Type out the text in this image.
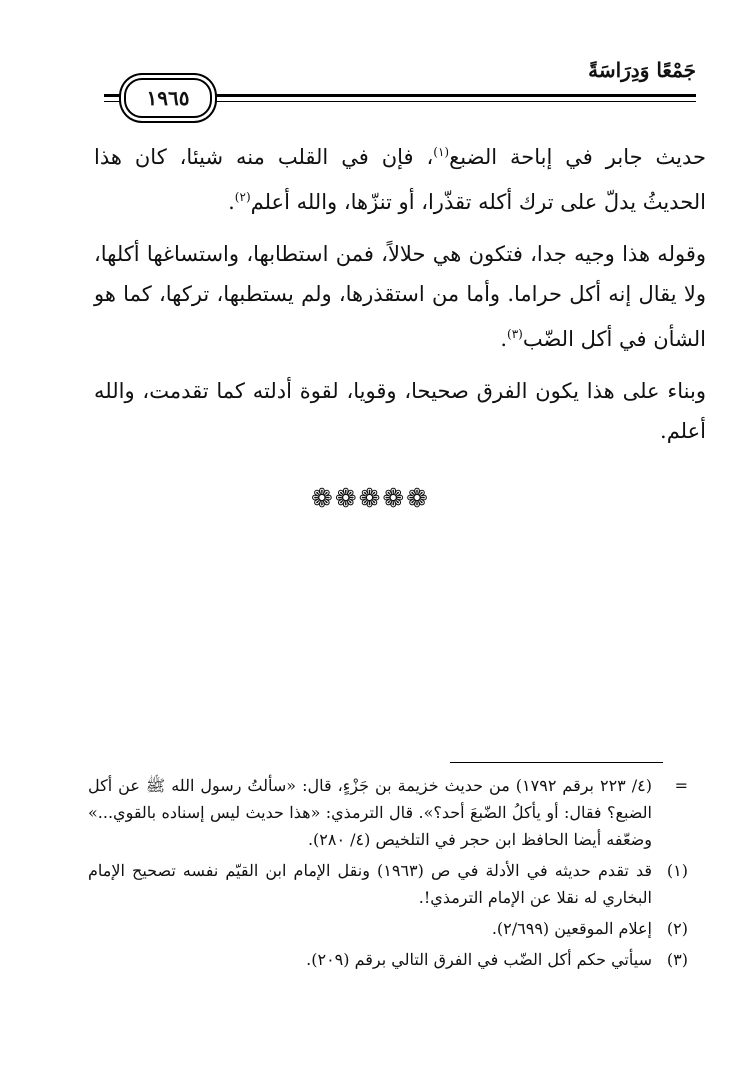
جَمْعًا وَدِرَاسَةً
١٩٦٥

حديث جابر في إباحة الضبع$^{(١)}$، فإن في القلب منه شيئا، كان هذا الحديثُ يدلّ على ترك أكله تقذّرا، أو تنزّها، والله أعلم$^{(٢)}$.

وقوله هذا وجيه جدا، فتكون هي حلالاً، فمن استطابها، واستساغها أكلها، ولا يقال إنه أكل حراما. وأما من استقذرها، ولم يستطبها، تركها، كما هو الشأن في أكل الضّب$^{(٣)}$.

وبناء على هذا يكون الفرق صحيحا، وقويا، لقوة أدلته كما تقدمت، والله أعلم.

❁❁❁❁❁
=
(٤/ ٢٢٣ برقم ١٧٩٢) من حديث خزيمة بن جَزْءٍ، قال: «سألتُ رسول الله ﷺ عن أكل الضبع؟ فقال: أو يأكلُ الضّبعَ أحد؟». قال الترمذي: «هذا حديث ليس إسناده بالقوي...» وضعّفه أيضا الحافظ ابن حجر في التلخيص (٤/ ٢٨٠).
(١)
قد تقدم حديثه في الأدلة في ص (١٩٦٣) ونقل الإمام ابن القيّم نفسه تصحيح الإمام البخاري له نقلا عن الإمام الترمذي!.
(٢)
إعلام الموقعين (٢/٦٩٩).
(٣)
سيأتي حكم أكل الضّب في الفرق التالي برقم (٢٠٩).
